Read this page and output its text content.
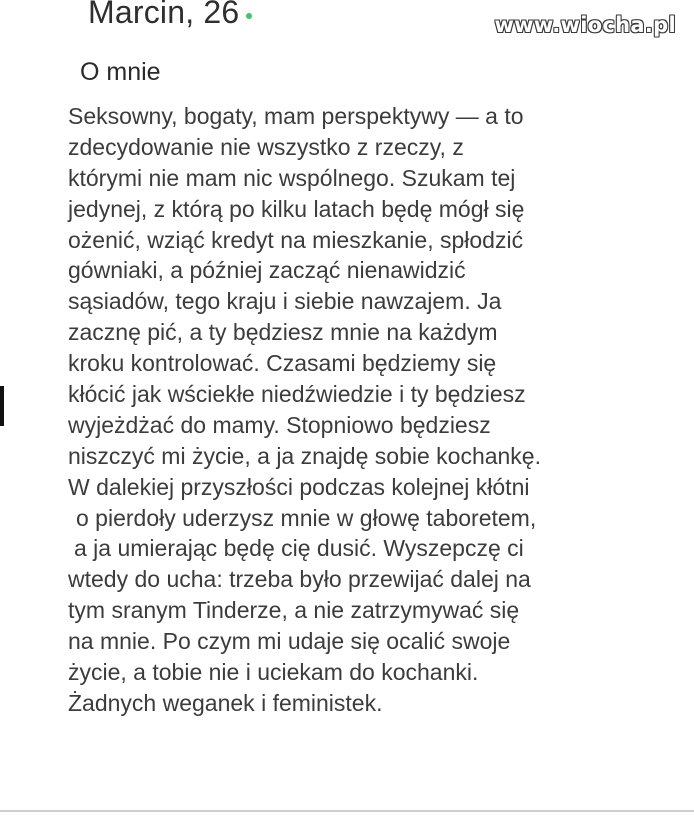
Marcin, 26	www.wiocha.pl
O mnie
Seksowny, bogaty, mam perspektywy — a to
zdecydowanie nie wszystko z rzeczy, z
którymi nie mam nic wspólnego. Szukam tej
jedynej, z którą po kilku latach będę mógł się
ożenić, wziąć kredyt na mieszkanie, spłodzić
gówniaki, a później zacząć nienawidzić
sąsiadów, tego kraju i siebie nawzajem. Ja
zacznę pić, a ty będziesz mnie na każdym
kroku kontrolować. Czasami będziemy się
kłócić jak wściekłe niedźwiedzie i ty będziesz
wyjeżdżać do mamy. Stopniowo będziesz
niszczyć mi życie, a ja znajdę sobie kochankę.
W dalekiej przyszłości podczas kolejnej kłótni
o pierdoły uderzysz mnie w głowę taboretem,
a ja umierając będę cię dusić. Wyszepczę ci
wtedy do ucha: trzeba było przewijać dalej na
tym sranym Tinderze, a nie zatrzymywać się
na mnie. Po czym mi udaje się ocalić swoje
życie, a tobie nie i uciekam do kochanki.
Żadnych weganek i feministek.
